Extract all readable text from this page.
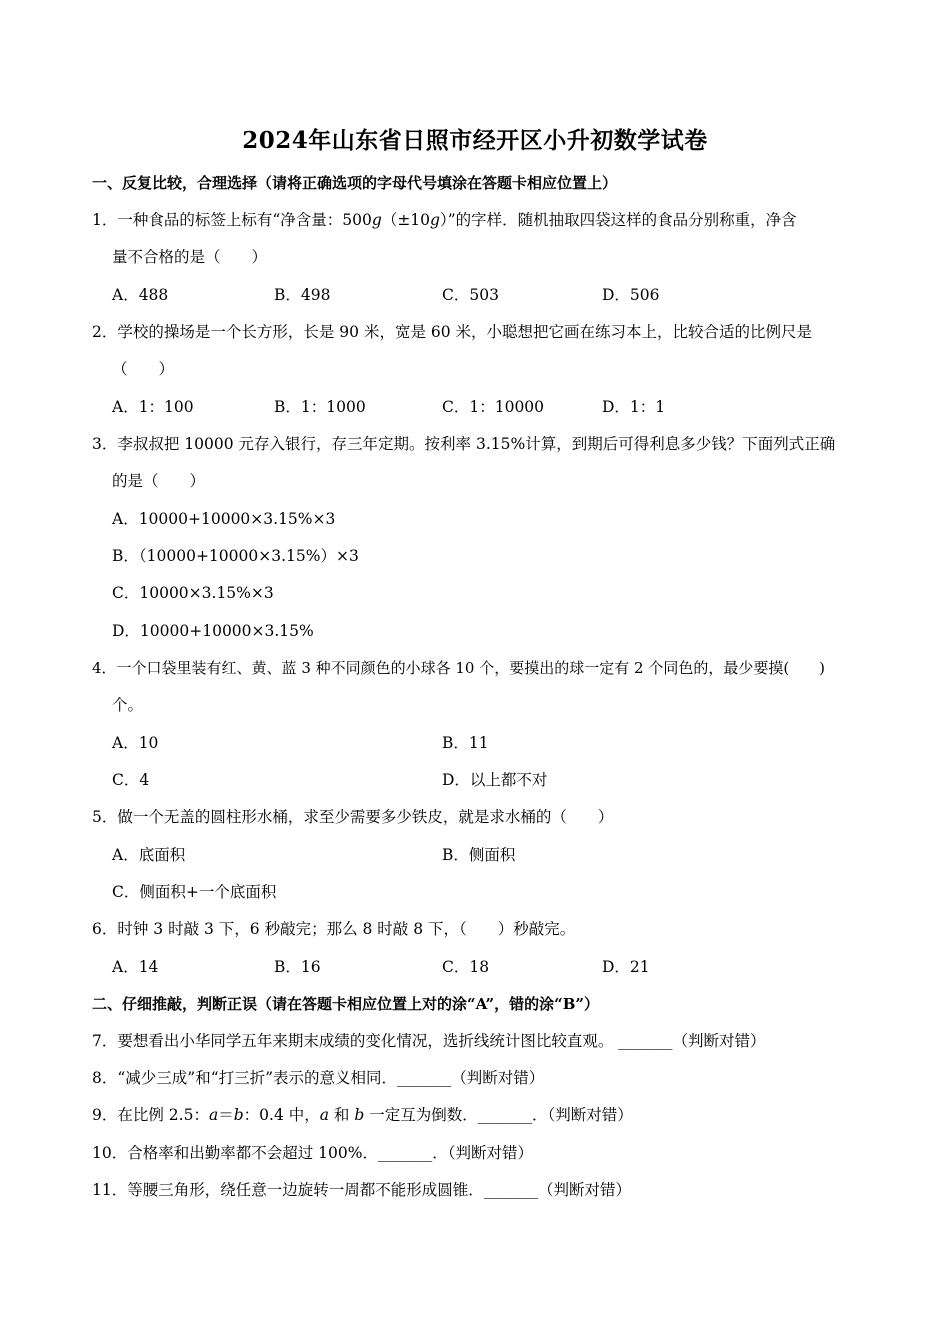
2024年山东省日照市经开区小升初数学试卷
一、反复比较，合理选择（请将正确选项的字母代号填涂在答题卡相应位置上）
1．一种食品的标签上标有“净含量：500g（±10g）”的字样．随机抽取四袋这样的食品分别称重，净含
量不合格的是（　　）
A．488	B．498	C．503	D．506
2．学校的操场是一个长方形，长是 90 米，宽是 60 米，小聪想把它画在练习本上，比较合适的比例尺是
（　　）
A．1：100	B．1：1000	C．1：10000	D．1：1
3．李叔叔把 10000 元存入银行，存三年定期。按利率 3.15%计算，到期后可得利息多少钱？下面列式正确
的是（　　）
A．10000+10000×3.15%×3
B．（10000+10000×3.15%）×3
C．10000×3.15%×3
D．10000+10000×3.15%
4．一个口袋里装有红、黄、蓝 3 种不同颜色的小球各 10 个，要摸出的球一定有 2 个同色的，最少要摸(　　)
个。
A．10	B．11
C．4	D．以上都不对
5．做一个无盖的圆柱形水桶，求至少需要多少铁皮，就是求水桶的（　　）
A．底面积	B．侧面积
C．侧面积+一个底面积
6．时钟 3 时敲 3 下，6 秒敲完；那么 8 时敲 8 下，（　　）秒敲完。
A．14	B．16	C．18	D．21
二、仔细推敲，判断正误（请在答题卡相应位置上对的涂“A”，错的涂“B”）
7．要想看出小华同学五年来期末成绩的变化情况，选折线统计图比较直观。 _______（判断对错）
8．“减少三成”和“打三折”表示的意义相同．_______（判断对错）
9．在比例 2.5：a＝b：0.4 中，a 和 b 一定互为倒数．_______．（判断对错）
10．合格率和出勤率都不会超过 100%．_______．（判断对错）
11．等腰三角形，绕任意一边旋转一周都不能形成圆锥．_______（判断对错）
